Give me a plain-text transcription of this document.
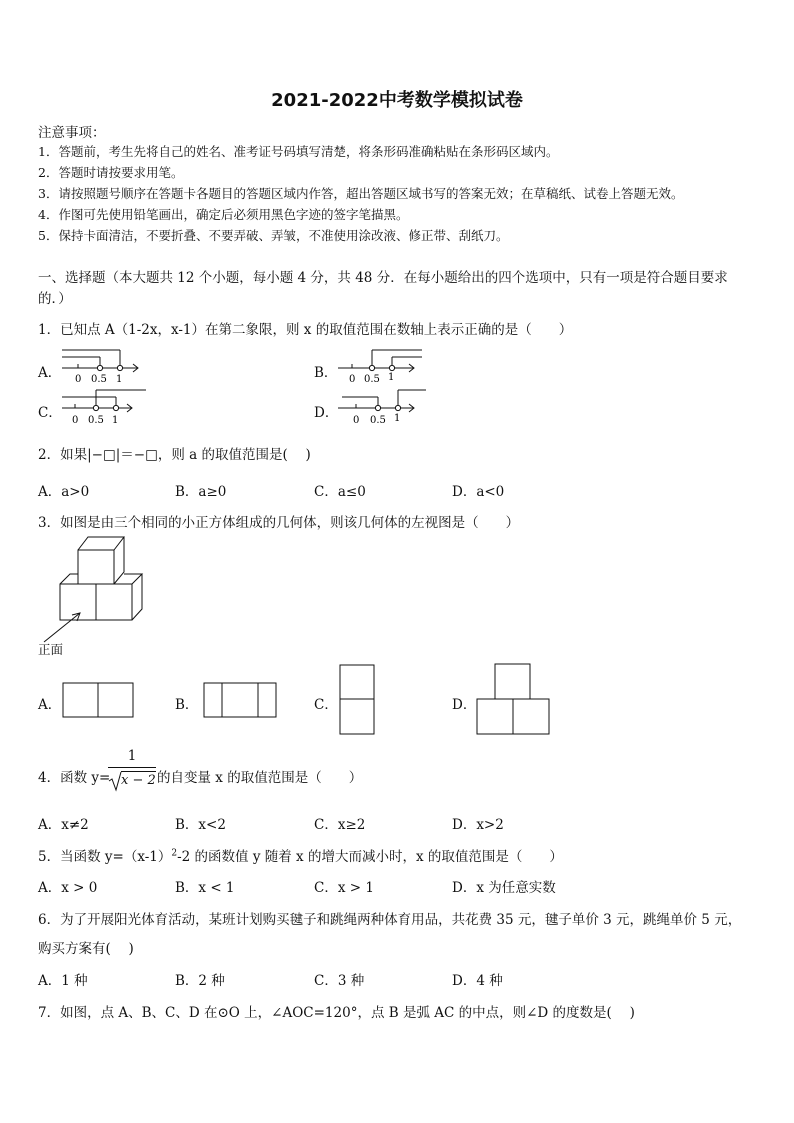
2021-2022中考数学模拟试卷
注意事项：
1．答题前，考生先将自己的姓名、准考证号码填写清楚，将条形码准确粘贴在条形码区域内。
2．答题时请按要求用笔。
3．请按照题号顺序在答题卡各题目的答题区域内作答，超出答题区域书写的答案无效；在草稿纸、试卷上答题无效。
4．作图可先使用铅笔画出，确定后必须用黑色字迹的签字笔描黑。
5．保持卡面清洁，不要折叠、不要弄破、弄皱，不准使用涂改液、修正带、刮纸刀。
一、选择题（本大题共 12 个小题，每小题 4 分，共 48 分．在每小题给出的四个选项中，只有一项是符合题目要求
的．）
1．已知点 A（1-2x，x-1）在第二象限，则 x 的取值范围在数轴上表示正确的是（　　）
A． 0 0.5 1	B． 0 0.5 1
C． 0 0.5 1	D． 0 0.5 1
2．如果|−□|＝−□，则 a 的取值范围是(　 )
A．a>0	B．a≥0	C．a≤0	D．a<0
3．如图是由三个相同的小正方体组成的几何体，则该几何体的左视图是（　　）
正面
A．	B．	C．	D．
4．函数 y=
1
x − 2 的自变量 x 的取值范围是（　　）
A．x≠2	B．x<2	C．x≥2	D．x>2
5．当函数 $y=(x-1)^2-2$ 的函数值 y 随着 x 的增大而减小时，x 的取值范围是（　　）
A．x > 0	B．x < 1	C．x > 1	D．x 为任意实数
6．为了开展阳光体育活动，某班计划购买毽子和跳绳两种体育用品，共花费 35 元，毽子单价 3 元，跳绳单价 5 元，
购买方案有(　 )
A．1 种	B．2 种	C．3 种	D．4 种
7．如图，点 A、B、C、D 在⊙O 上，∠AOC=120°，点 B 是弧 AC 的中点，则∠D 的度数是(　 )
